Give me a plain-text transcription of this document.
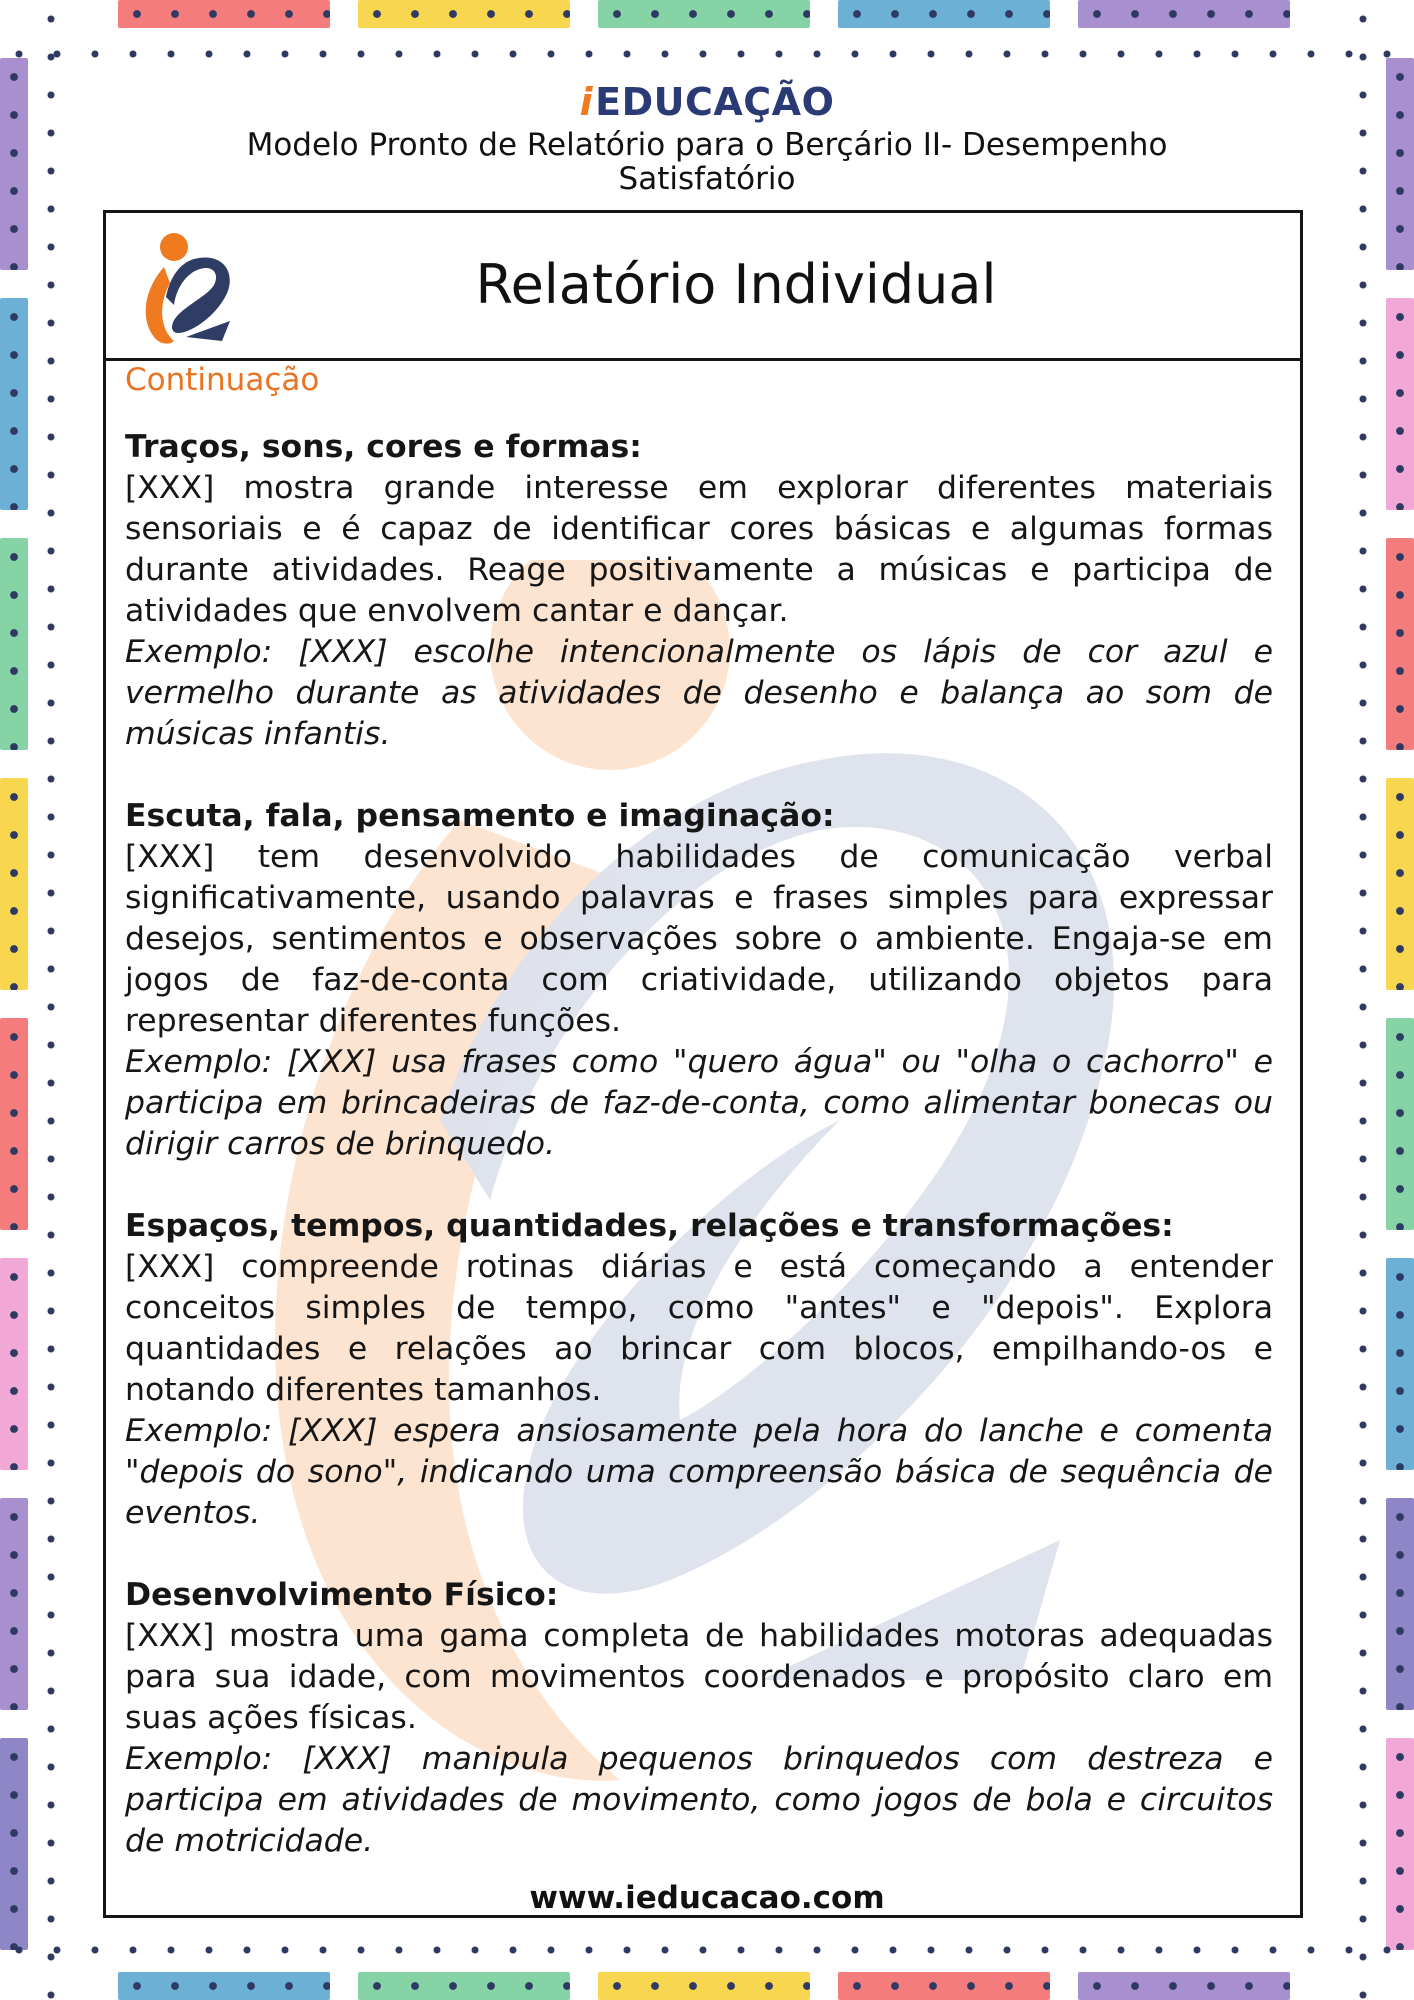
iEDUCAÇÃO
Modelo Pronto de Relatório para o Berçário II- Desempenho Satisfatório
Relatório Individual

Continuação

Traços, sons, cores e formas:

[XXX] mostra grande interesse em explorar diferentes materiais sensoriais e é capaz de identificar cores básicas e algumas formas durante atividades. Reage positivamente a músicas e participa de atividades que envolvem cantar e dançar.

Exemplo: [XXX] escolhe intencionalmente os lápis de cor azul e vermelho durante as atividades de desenho e balança ao som de músicas infantis.

Escuta, fala, pensamento e imaginação:

[XXX] tem desenvolvido habilidades de comunicação verbal significativamente, usando palavras e frases simples para expressar desejos, sentimentos e observações sobre o ambiente. Engaja-se em jogos de faz-de-conta com criatividade, utilizando objetos para representar diferentes funções.

Exemplo: [XXX] usa frases como "quero água" ou "olha o cachorro" e participa em brincadeiras de faz-de-conta, como alimentar bonecas ou dirigir carros de brinquedo.

Espaços, tempos, quantidades, relações e transformações:

[XXX] compreende rotinas diárias e está começando a entender conceitos simples de tempo, como "antes" e "depois". Explora quantidades e relações ao brincar com blocos, empilhando-os e notando diferentes tamanhos.

Exemplo: [XXX] espera ansiosamente pela hora do lanche e comenta "depois do sono", indicando uma compreensão básica de sequência de eventos.

Desenvolvimento Físico:

[XXX] mostra uma gama completa de habilidades motoras adequadas para sua idade, com movimentos coordenados e propósito claro em suas ações físicas.

Exemplo: [XXX] manipula pequenos brinquedos com destreza e participa em atividades de movimento, como jogos de bola e circuitos de motricidade.

www.ieducacao.com
